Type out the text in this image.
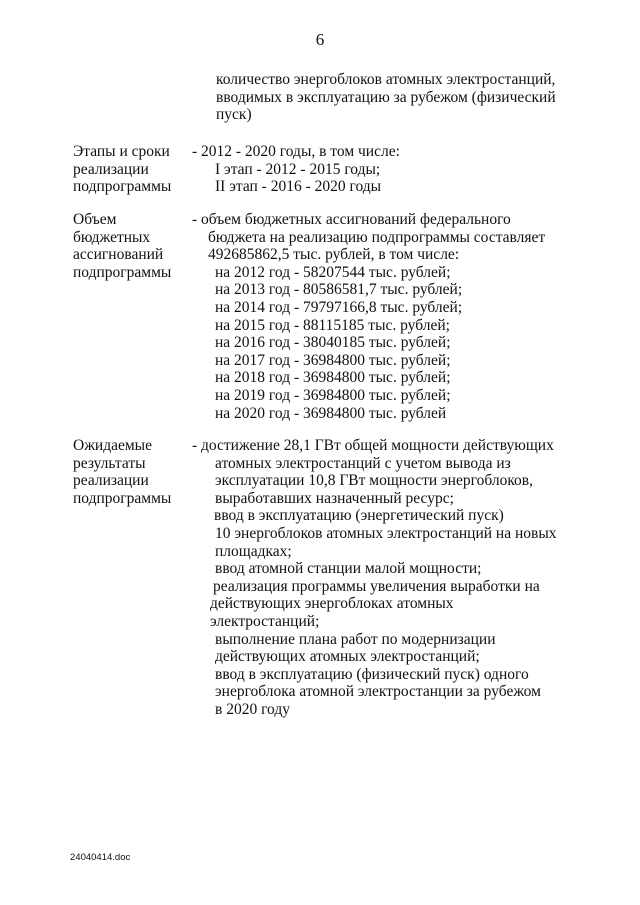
6
количество энергоблоков атомных электростанций,
вводимых в эксплуатацию за рубежом (физический
пуск)
Этапы и сроки
реализации
подпрограммы
- 2012 - 2020 годы, в том числе:
I этап - 2012 - 2015 годы;
II этап - 2016 - 2020 годы
Объем
бюджетных
ассигнований
подпрограммы
- объем бюджетных ассигнований федерального
бюджета на реализацию подпрограммы составляет
492685862,5 тыс. рублей, в том числе:
на 2012 год - 58207544 тыс. рублей;
на 2013 год - 80586581,7 тыс. рублей;
на 2014 год - 79797166,8 тыс. рублей;
на 2015 год - 88115185 тыс. рублей;
на 2016 год - 38040185 тыс. рублей;
на 2017 год - 36984800 тыс. рублей;
на 2018 год - 36984800 тыс. рублей;
на 2019 год - 36984800 тыс. рублей;
на 2020 год - 36984800 тыс. рублей
Ожидаемые
результаты
реализации
подпрограммы
- достижение 28,1 ГВт общей мощности действующих
атомных электростанций с учетом вывода из
эксплуатации 10,8 ГВт мощности энергоблоков,
выработавших назначенный ресурс;
ввод в эксплуатацию (энергетический пуск)
10 энергоблоков атомных электростанций на новых
площадках;
ввод атомной станции малой мощности;
реализация программы увеличения выработки на
действующих энергоблоках атомных
электростанций;
выполнение плана работ по модернизации
действующих атомных электростанций;
ввод в эксплуатацию (физический пуск) одного
энергоблока атомной электростанции за рубежом
в 2020 году
24040414.doc
